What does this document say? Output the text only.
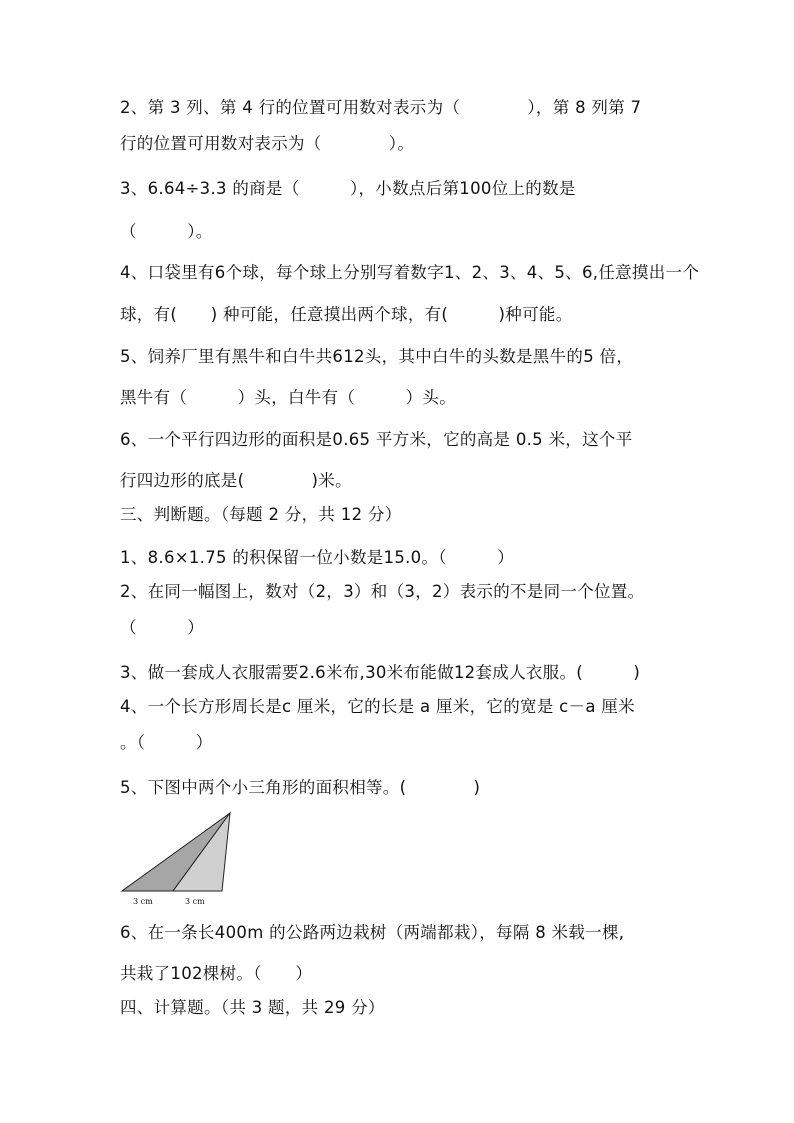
2、第 3 列、第 4 行的位置可用数对表示为（　　　　），第 8 列第 7
行的位置可用数对表示为（　　　　）。
3、6.64÷3.3 的商是（　　　），小数点后第100位上的数是
（　　　）。
4、口袋里有6个球，每个球上分别写着数字1、2、3、4、5、6,任意摸出一个
球，有(　　) 种可能，任意摸出两个球，有(　　　)种可能。
5、饲养厂里有黑牛和白牛共612头，其中白牛的头数是黑牛的5 倍，
黑牛有（　　　）头，白牛有（　　　）头。
6、一个平行四边形的面积是0.65 平方米，它的高是 0.5 米，这个平
行四边形的底是(　　　　)米。
三、判断题。（每题 2 分，共 12 分）
1、8.6×1.75 的积保留一位小数是15.0。（　　　）
2、在同一幅图上，数对（2，3）和（3，2）表示的不是同一个位置。
（　　　）
3、做一套成人衣服需要2.6米布,30米布能做12套成人衣服。(　　　)
4、一个长方形周长是c 厘米，它的长是 a 厘米，它的宽是 c－a 厘米
。（　　　）
5、下图中两个小三角形的面积相等。(　　　　)
3 cm	3 cm
6、在一条长400m 的公路两边栽树（两端都栽），每隔 8 米载一棵,
共栽了102棵树。（　　）
四、计算题。（共 3 题，共 29 分）
